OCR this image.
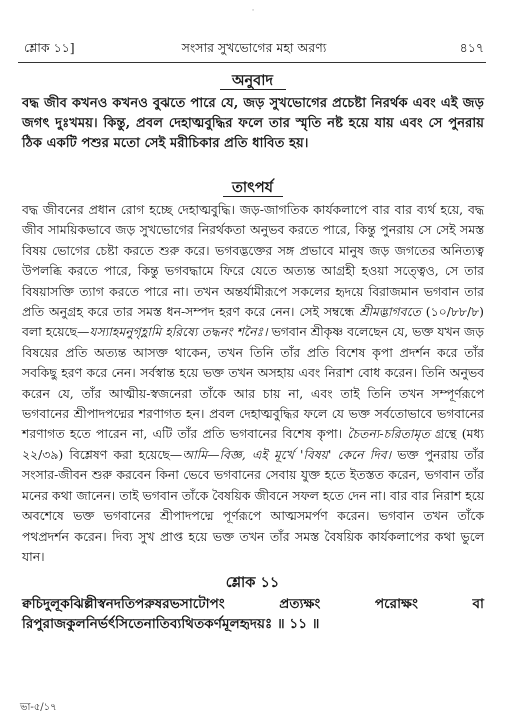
·
শ্লোক ১১]	সংসার সুখভোগের মহা অরণ্য	৪১৭
অনুবাদ
বদ্ধ জীব কখনও কখনও বুঝতে পারে যে, জড় সুখভোগের প্রচেষ্টা নিরর্থক এবং এই জড় জগৎ দুঃখময়। কিন্তু, প্রবল দেহাত্মবুদ্ধির ফলে তার স্মৃতি নষ্ট হয়ে যায় এবং সে পুনরায় ঠিক একটি পশুর মতো সেই মরীচিকার প্রতি ধাবিত হয়।
তাৎপর্য

বদ্ধ জীবনের প্রধান রোগ হচ্ছে দেহাত্মবুদ্ধি। জড়-জাগতিক কার্যকলাপে বার বার ব্যর্থ হয়ে, বদ্ধ জীব সাময়িকভাবে জড় সুখভোগের নিরর্থকতা অনুভব করতে পারে, কিন্তু পুনরায় সে সেই সমস্ত বিষয় ভোগের চেষ্টা করতে শুরু করে। ভগবদ্ভক্তের সঙ্গ প্রভাবে মানুষ জড় জগতের অনিত্যত্ব উপলব্ধি করতে পারে, কিন্তু ভগবদ্ধামে ফিরে যেতে অত্যন্ত আগ্রহী হওয়া সত্ত্বেও, সে তার বিষয়াসক্তি ত্যাগ করতে পারে না। তখন অন্তর্যামীরূপে সকলের হৃদয়ে বিরাজমান ভগবান তার প্রতি অনুগ্রহ করে তার সমস্ত ধন-সম্পদ হরণ করে নেন। সেই সম্বন্ধে শ্রীমদ্ভাগবতে (১০/৮৮/৮) বলা হয়েছে—যস্যাহমনুগৃহ্ণামি হরিষ্যে তদ্ধনং শনৈঃ। ভগবান শ্রীকৃষ্ণ বলেছেন যে, ভক্ত যখন জড় বিষয়ের প্রতি অত্যন্ত আসক্ত থাকেন, তখন তিনি তাঁর প্রতি বিশেষ কৃপা প্রদর্শন করে তাঁর সবকিছু হরণ করে নেন। সর্বস্বান্ত হয়ে ভক্ত তখন অসহায় এবং নিরাশ বোধ করেন। তিনি অনুভব করেন যে, তাঁর আত্মীয়-স্বজনেরা তাঁকে আর চায় না, এবং তাই তিনি তখন সম্পূর্ণরূপে ভগবানের শ্রীপাদপদ্মের শরণাগত হন। প্রবল দেহাত্মবুদ্ধির ফলে যে ভক্ত সর্বতোভাবে ভগবানের শরণাগত হতে পারেন না, এটি তাঁর প্রতি ভগবানের বিশেষ কৃপা। চৈতন্য-চরিতামৃত গ্রন্থে (মধ্য ২২/৩৯) বিশ্লেষণ করা হয়েছে—আমি—বিজ্ঞ, এই মূর্খে 'বিষয়' কেনে দিব। ভক্ত পুনরায় তাঁর সংসার-জীবন শুরু করবেন কিনা ভেবে ভগবানের সেবায় যুক্ত হতে ইতস্তত করেন, ভগবান তাঁর মনের কথা জানেন। তাই ভগবান তাঁকে বৈষয়িক জীবনে সফল হতে দেন না। বার বার নিরাশ হয়ে অবশেষে ভক্ত ভগবানের শ্রীপাদপদ্মে পূর্ণরূপে আত্মসমর্পণ করেন। ভগবান তখন তাঁকে পথপ্রদর্শন করেন। দিব্য সুখ প্রাপ্ত হয়ে ভক্ত তখন তাঁর সমস্ত বৈষয়িক কার্যকলাপের কথা ভুলে যান।

শ্লোক ১১
ক্বচিদুলূকঝিল্লীস্বনদতিপরুষরভসাটোপং প্রত্যক্ষং পরোক্ষং বা রিপুরাজকুলনির্ভর্ৎসিতেনাতিব্যথিতকর্ণমূলহৃদয়ঃ ॥ ১১ ॥
ভা-৫/১৭
